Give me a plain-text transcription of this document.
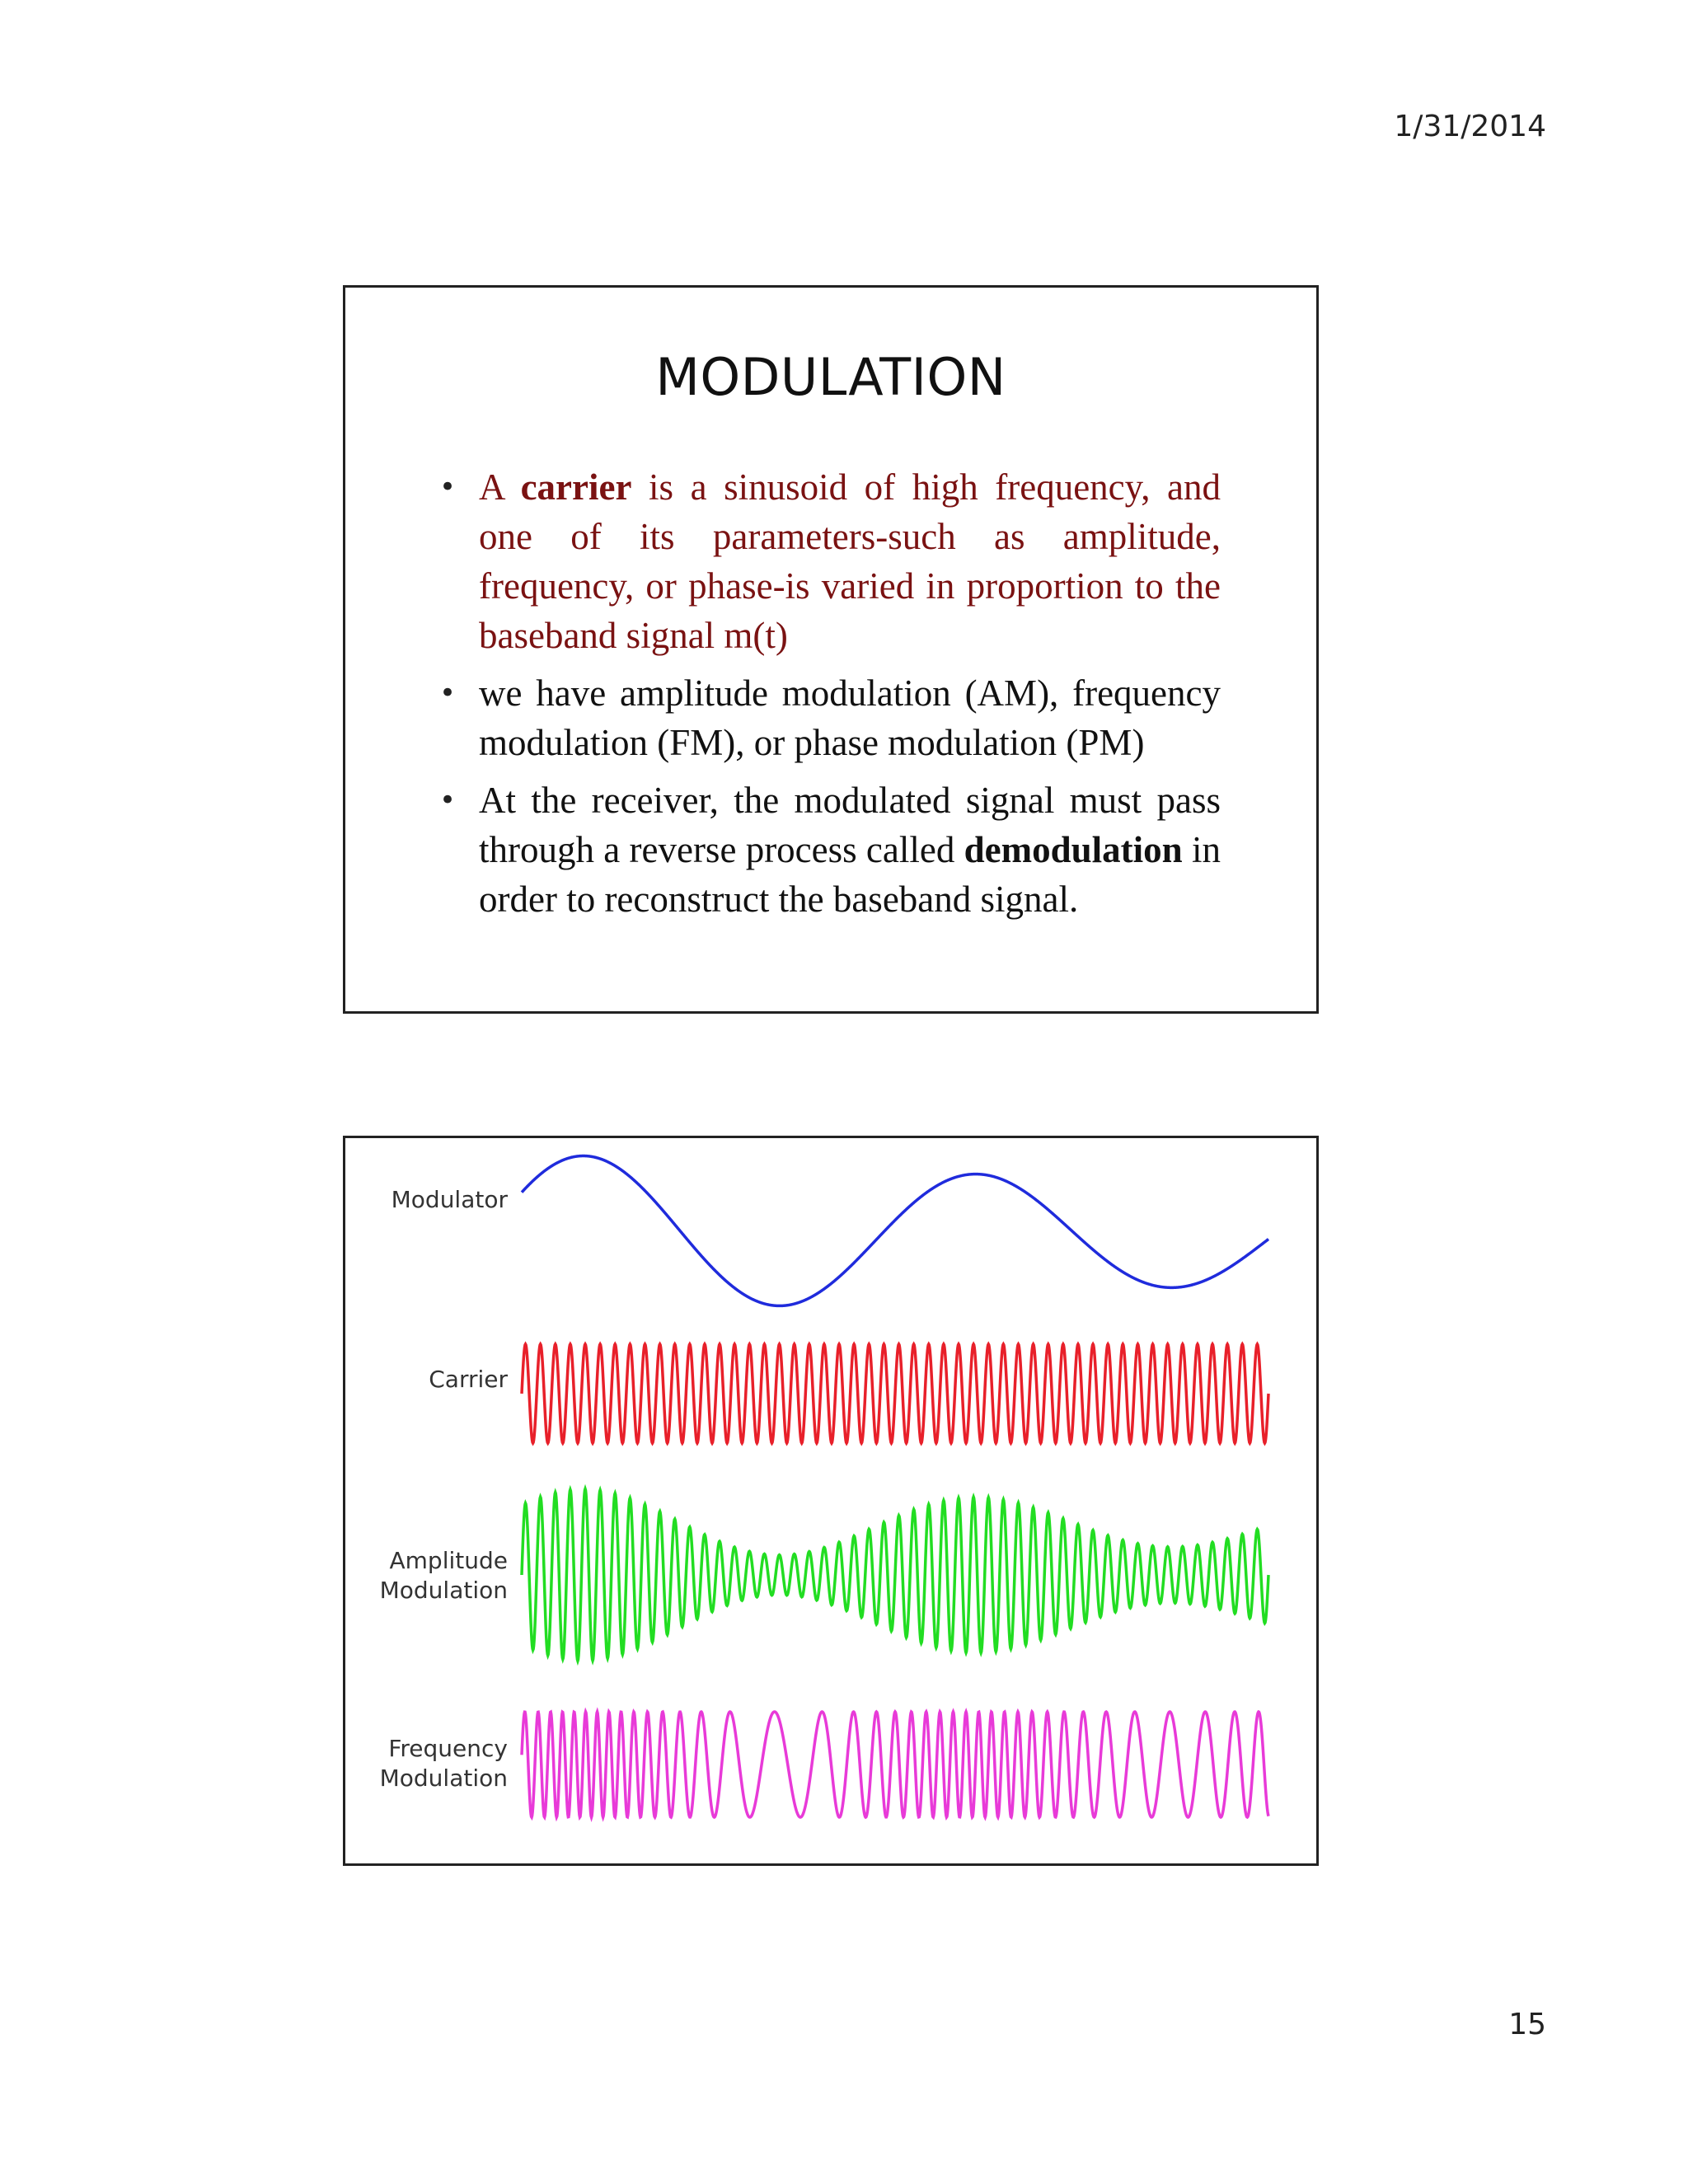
1/31/2014
MODULATION
• A carrier is a sinusoid of high frequency, and one of its parameters-such as amplitude, frequency, or phase-is varied in proportion to the baseband signal m(t)
• we have amplitude modulation (AM), frequency modulation (FM), or phase modulation (PM)
• At the receiver, the modulated signal must pass through a reverse process called demodulation in order to reconstruct the baseband signal.
Modulator
Carrier
Amplitude
Modulation
Frequency
Modulation
15
